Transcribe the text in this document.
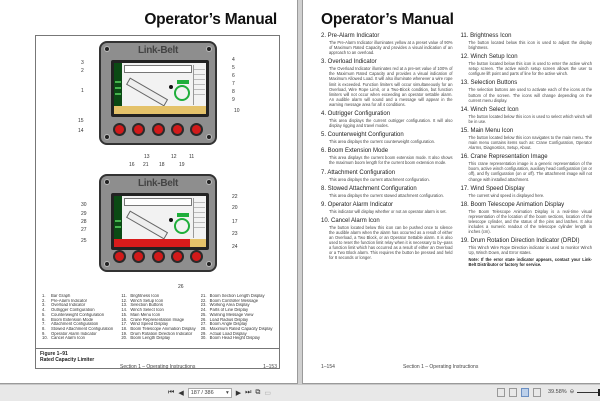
Operator’s Manual
Link-Belt
3
2
1
15
14
4
5
6
7
8
9
10
13	12 11
16 21 18	19
Link-Belt
30
29
28
27
25
22
20
17
23
24
26
1. Bar Graph
2. Pre-Alarm Indicator
3. Overload Indicator
4. Outrigger Configuration
5. Counterweight Configuration
6. Boom Extension Mode
7. Attachment Configuration
8. Stowed Attachment Configuration
9. Operator Alarm Indicator
10. Cancel Alarm Icon
11. Brightness Icon
12. Winch Setup Icon
13. Selection Buttons
14. Winch Select Icon
15. Main Menu Icon
16. Crane Representation Image
17. Wind Speed Display
18. Boom Telescope Animation Display
19. Drum Rotation Direction Indicator
20. Boom Length Display
21. Boom Section Length Display
22. Boom Controller Message
23. Working Area Display
24. Parts of Line Display
25. Warning Message View
26. Load Radius Display
27. Boom Angle Display
28. Maximum Rated Capacity Display
29. Actual Load Display
30. Boom Head Height Display
Figure 1–91
Rated Capacity Limiter
Section 1 – Operating Instructions	1–153
Operator’s Manual
2. Pre-Alarm Indicator

The Pre-Alarm Indicator illuminates yellow at a preset value of 90% of Maximum Rated Capacity and provides a visual indication of an approach to an overload.

3. Overload Indicator

The Overload Indicator illuminates red at a pre-set value of 100% of the Maximum Rated Capacity and provides a visual indication of Maximum Allowed Load. It will also illuminate whenever a wire rope limit is exceeded. Function limiters will occur simultaneously for an Overload, Wire Rope Limit, or a Two-Block condition, but function limiters will not occur when exceeding an operator settable alarm. An audible alarm will sound and a message will appear in the warning message area for all 4 conditions.

4. Outrigger Configuration

This area displays the current outrigger configuration. It will also display rigging and travel modes.

5. Counterweight Configuration

This area displays the current counterweight configuration.

6. Boom Extension Mode

This area displays the current boom extension mode. It also shows the maximum boom length for the current boom extension mode.

7. Attachment Configuration

This area displays the current attachment configuration.

8. Stowed Attachment Configuration

This area displays the current stowed attachment configuration.

9. Operator Alarm Indicator

This indicator will display whether or not an operator alarm is set.

10. Cancel Alarm Icon

The button located below this icon can be pushed once to silence the audible alarm when the alarm has occurred as a result of either an Overload, a Two Block, or an Operator Settable alarm. It is also used to reset the function limit relay when it is necessary to by–pass a function limit which has occurred as a result of either an Overload or a Two Block alarm. This requires the button be pressed and held for 8 seconds or longer.

11. Brightness Icon

The button located below this icon is used to adjust the display brightness.

12. Winch Setup Icon

The button located below this icon is used to enter the active winch setup screen. The active winch setup screen allows the user to configure lift point and parts of line for the active winch.

13. Selection Buttons

The selection buttons are used to activate each of the icons at the bottom of the screen. The icons will change depending on the current menu display.

14. Winch Select Icon

The button located below this icon is used to select which winch will be in use.

15. Main Menu Icon

The button located below this icon navigates to the main menu. The main menu contains items such as: Crane Configuration, Operator Alarms, Diagnostics, Setup, About.

16. Crane Representation Image

This crane representation image is a generic representation of the boom, active winch configuration, auxiliary head configuration (on or off), and fly configuration (on or off). The attachment image will not change with installed attachment.

17. Wind Speed Display

The current wind speed is displayed here.

18. Boom Telescope Animation Display

The Boom Telescope Animation Display is a real-time visual representation of the location of the boom sections, location of the telescope cylinder, and the status of the pins and latches. It also includes a numeric readout of the telescope cylinder length in inches (cm).

19. Drum Rotation Direction Indicator (DRDI)

This Winch Wire Rope Direction indicator is used to monitor Winch Up, Winch Down, and Error states.

Note: If the error state indicator appears, contact your Link-Belt Distributor or factory for service.

1–154	Section 1 – Operating Instructions
⏮ ◀ 187 / 386 ▾ ▶ ⏭ ⧉ ▭	39.58% ⊖
